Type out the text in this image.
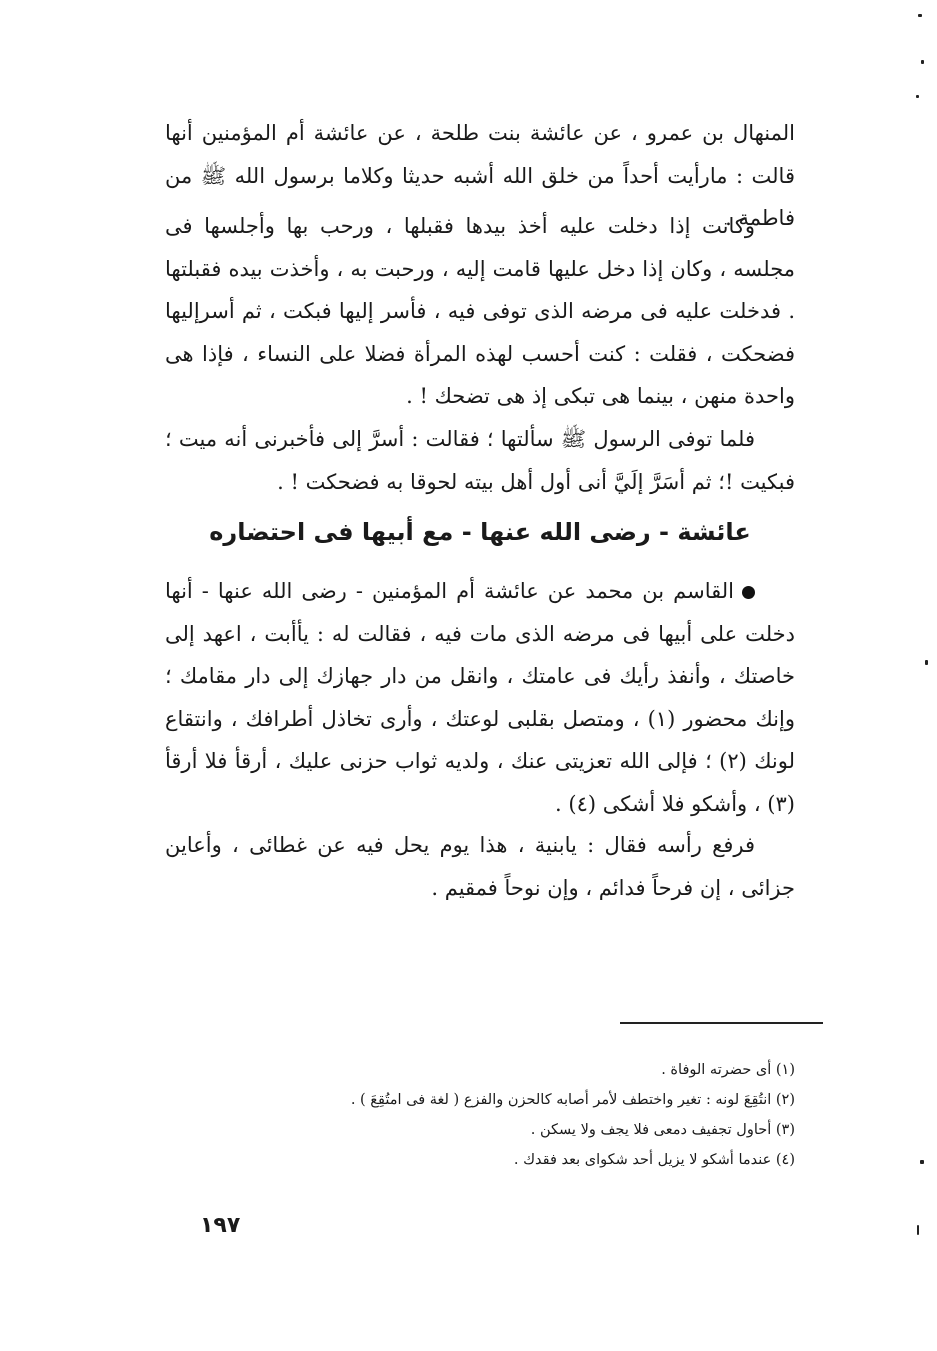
المنهال بن عمرو ، عن عائشة بنت طلحة ، عن عائشة أم المؤمنين أنها قالت : مارأيت أحداً من خلق الله أشبه حديثا وكلاما برسول الله ﷺ من فاطمة .

وكانت إذا دخلت عليه أخذ بيدها فقبلها ، ورحب بها وأجلسها فى مجلسه ، وكان إذا دخل عليها قامت إليه ، ورحبت به ، وأخذت بيده فقبلتها . فدخلت عليه فى مرضه الذى توفى فيه ، فأسر إليها فبكت ، ثم أسرإليها فضحكت ، فقلت : كنت أحسب لهذه المرأة فضلا على النساء ، فإذا هى واحدة منهن ، بينما هى تبكى إذ هى تضحك ! .

فلما توفى الرسول ﷺ سألتها ؛ فقالت : أسرَّ إلى فأخبرنى أنه ميت ؛ فبكيت !؛ ثم أسَرَّ إلَيَّ أنى أول أهل بيته لحوقا به فضحكت ! .

عائشة - رضى الله عنها - مع أبيها فى احتضاره

القاسم بن محمد عن عائشة أم المؤمنين - رضى الله عنها - أنها دخلت على أبيها فى مرضه الذى مات فيه ، فقالت له : يأأبت ، اعهد إلى خاصتك ، وأنفذ رأيك فى عامتك ، وانقل من دار جهازك إلى دار مقامك ؛ وإنك محضور (١) ، ومتصل بقلبى لوعتك ، وأرى تخاذل أطرافك ، وانتقاع لونك (٢) ؛ فإلى الله تعزيتى عنك ، ولديه ثواب حزنى عليك ، أرقأ فلا أرقأ (٣) ، وأشكو فلا أشكى (٤) .

فرفع رأسه فقال : يابنية ، هذا يوم يحل فيه عن غطائى ، وأعاين جزائى ، إن فرحاً فدائم ، وإن نوحاً فمقيم .

(١) أى حضرته الوفاة .
(٢) انتُقِعَ لونه : تغير واختطف لأمر أصابه كالحزن والفزع ( لغة فى امتُقِعَ ) .
(٣) أحاول تجفيف دمعى فلا يجف ولا يسكن .
(٤) عندما أشكو لا يزيل أحد شكواى بعد فقدك .
١٩٧
